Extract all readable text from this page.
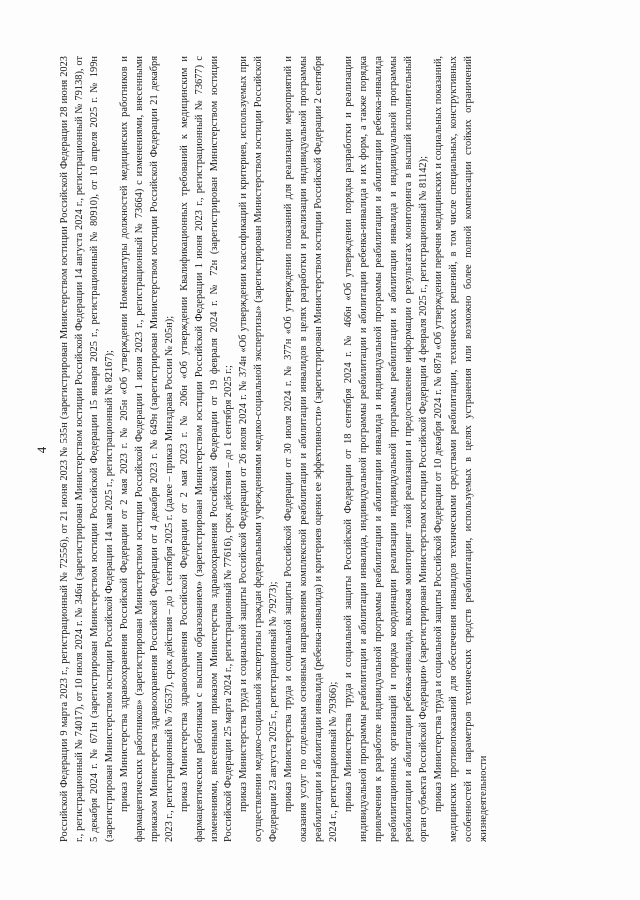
4 Российской Федерации 9 марта 2023 г., регистрационный № 72556), от 21 июня 2023 № 535н (зарегистрирован Министерством юстиции Российской Федерации 28 июня 2023 г., регистрационный № 74017), от 10 июля 2024 г. № 346н (зарегистрирован Министерством юстиции Российской Федерации 14 августа 2024 г., регистрационный № 79138), от 5 декабря 2024 г. № 671н (зарегистрирован Министерством юстиции Российской Федерации 15 января 2025 г., регистрационный № 80910), от 10 апреля 2025 г. № 199н (зарегистрирован Министерством юстиции Российской Федерации 14 мая 2025 г., регистрационный № 82167); приказ Министерства здравоохранения Российской Федерации от 2 мая 2023 г. № 205н «Об утверждении Номенклатуры должностей медицинских работников и фармацевтических работников» (зарегистрирован Министерством юстиции Российской Федерации 1 июня 2023 г., регистрационный № 73664) с изменениями, внесенными приказом Министерства здравоохранения Российской Федерации от 4 декабря 2023 г. № 649н (зарегистрирован Министерством юстиции Российской Федерации 21 декабря 2023 г., регистрационный № 76537), срок действия – до 1 сентября 2025 г. (далее – приказ Минздрава России № 205н); приказ Министерства здравоохранения Российской Федерации от 2 мая 2023 г. № 206н «Об утверждении Квалификационных требований к медицинским и фармацевтическим работникам с высшим образованием» (зарегистрирован Министерством юстиции Российской Федерации 1 июня 2023 г., регистрационный № 73677) с изменениями, внесенными приказом Министерства здравоохранения Российской Федерации от 19 февраля 2024 г. № 72н (зарегистрирован Министерством юстиции Российской Федерации 25 марта 2024 г., регистрационный № 77616), срок действия – до 1 сентября 2025 г.; приказ Министерства труда и социальной защиты Российской Федерации от 26 июля 2024 г. № 374н «Об утверждении классификаций и критериев, используемых при осуществлении медико-социальной экспертизы граждан федеральными учреждениями медико-социальной экспертизы» (зарегистрирован Министерством юстиции Российской Федерации 23 августа 2025 г., регистрационный № 79273); приказ Министерства труда и социальной защиты Российской Федерации от 30 июля 2024 г. № 377н «Об утверждении показаний для реализации мероприятий и оказания услуг по отдельным основным направлениям комплексной реабилитации и абилитации инвалидов в целях разработки и реализации индивидуальной программы реабилитации и абилитации инвалида (ребенка-инвалида) и критериев оценки ее эффективности» (зарегистрирован Министерством юстиции Российской Федерации 2 сентября 2024 г., регистрационный № 79366); приказ Министерства труда и социальной защиты Российской Федерации от 18 сентября 2024 г. № 466н «Об утверждении порядка разработки и реализации индивидуальной программы реабилитации и абилитации инвалида, индивидуальной программы реабилитации и абилитации ребенка-инвалида и их форм, а также порядка привлечения к разработке индивидуальной программы реабилитации и абилитации инвалида и индивидуальной программы реабилитации и абилитации ребенка-инвалида реабилитационных организаций и порядка координации реализации индивидуальной программы реабилитации и абилитации инвалида и индивидуальной программы реабилитации и абилитации ребенка-инвалида, включая мониторинг такой реализации и предоставление информации о результатах мониторинга в высший исполнительный орган субъекта Российской Федерации» (зарегистрирован Министерством юстиции Российской Федерации 4 февраля 2025 г., регистрационный № 81142); приказ Министерства труда и социальной защиты Российской Федерации от 10 декабря 2024 г. № 687н «Об утверждении перечня медицинских и социальных показаний, медицинских противопоказаний для обеспечения инвалидов техническими средствами реабилитации, технических решений, в том числе специальных, конструктивных особенностей и параметров технических средств реабилитации, используемых в целях устранения или возможно более полной компенсации стойких ограничений жизнедеятельности
